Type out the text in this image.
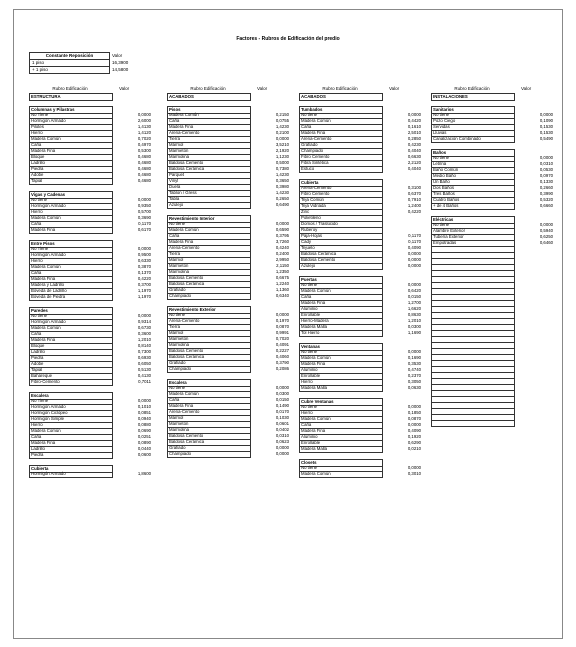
Factores - Rubros de Edificación del predio
Constante Reposición	Valor
1 piso	16,3900
+ 1 piso	14,5800
Rubro Edificación	Valor
ESTRUCTURA
Columnas y Pilastras
No Tiene	0,0000
Hormigón Armado	2,6000
Pilotes	1,4130
Hierro	1,4120
Madera Común	0,7020
Caña	0,4970
Madera Fina	0,5300
Bloque	0,4680
Ladrillo	0,4680
Piedra	0,4680
Adobe	0,4680
Tapial	0,4680
Vigas y Cadenas
No tiene	0,0000
Hormigón Armado	0,9350
Hierro	0,5700
Madera Común	0,3690
Caña	0,1170
Madera Fina	0,6170
Entre Pisos
No Tiene	0,0000
Hormigón Armado	0,9500
Hierro	0,6330
Madera Común	0,3870
Caña	0,1370
Madera Fina	0,4220
Madera y Ladrillo	0,3700
Bóveda de Ladrillo	1,1970
Bóveda de Piedra	1,1970
Paredes
No tiene	0,0000
Hormigón Armado	0,9314
Madera Común	0,6730
Caña	0,3600
Madera Fina	1,2010
Bloque	0,8140
Ladrillo	0,7300
Piedra	0,6930
Adobe	0,6050
Tapial	0,5130
Bahareque	0,4130
Fibro-Cemento	0,7011
Escalera
No Tiene	0,0000
Hormigón Armado	0,1010
Hormigón Ciclópeo	0,0851
Hormigón Simple	0,0940
Hierro	0,0880
Madera Común	0,0690
Caña	0,0251
Madera Fina	0,0890
Ladrillo	0,0440
Piedra	0,0600
Cubierta
Hormigón Armado	1,8600
Rubro Edificación	Valor
ACABADOS
Pisos
Madera Común	0,2150
Caña	0,0755
Madera Fina	1,4230
Arena-Cemento	0,2100
Tierra	0,0000
Mármol	3,5210
Marmetón	2,1920
Marmolina	1,1230
Baldosa Cemento	0,5000
Baldosa Cerámica	0,7380
Parquet	1,4230
Vinyl	0,3650
Duela	0,3980
Tablon / Gress	1,4230
Tabla	0,2650
Azulejo	0,6490
Revestimiento Interior
No tiene	0,0000
Madera Común	0,6590
Caña	0,3795
Madera Fina	3,7260
Arena-Cemento	0,4240
Tierra	0,2400
Mármol	2,9950
Marmetón	2,1150
Marmolina	1,2350
Baldosa Cemento	0,6675
Baldosa Cerámica	1,2240
Grafiado	1,1360
Champiado	0,6340
Revestimiento Exterior
No tiene	0,0000
Arena-Cemento	0,1970
Tierra	0,0870
Mármol	0,9991
Marmetón	0,7020
Marmolina	0,4091
Baldosa Cemento	0,2227
Baldosa Cerámica	0,4060
Grafiado	0,3790
Champiado	0,2086
Escalera
No tiene	0,0000
Madera Común	0,0300
Caña	0,0150
Madera Fina	0,1490
Arena-Cemento	0,0170
Mármol	0,1030
Marmetón	0,0601
Marmolina	0,0402
Baldosa Cemento	0,0310
Baldosa Cerámica	0,0623
Grafiado	0,0000
Champiado	0,0000
Rubro Edificación	Valor
ACABADOS
Tumbados
No tiene	0,0000
Madera Común	0,4420
Caña	0,1610
Madera Fina	2,5010
Arena-Cemento	0,2850
Grafiado	0,4230
Champiado	0,4040
Fibro Cemento	0,6630
Fibra Sintética	2,2120
Estuco	0,4040
Cubierta
Arena-Cemento	0,3100
Fibro Cemento	0,6370
Teja Común	0,7910
Teja Vidriada	1,2400
Zinc	0,4220
Polietileno
Domos / Traslúcido
Ruberoy
Paja-Hojas	0,1170
Cady	0,1170
Tejuelo	0,4090
Baldosa Cerámica	0,0000
Baldosa Cemento	0,0000
Azulejo	0,0000
Puertas
No tiene	0,0000
Madera Común	0,6420
Caña	0,0150
Madera Fina	1,2700
Aluminio	1,6620
Enrollable	0,8630
Hierro-Madera	1,2010
Madera Malla	0,0300
Tol Hierro	1,1690
Ventanas
No tiene	0,0000
Madera Común	0,1690
Madera Fina	0,3530
Aluminio	0,4740
Enrollable	0,2370
Hierro	0,3050
Madera Malla	0,0630
Cubre Ventanas
No tiene	0,0000
Hierro	0,1850
Madera Común	0,0870
Caña	0,0000
Madera Fina	0,4090
Aluminio	0,1920
Enrollable	0,6290
Madera Malla	0,0210
Closets
No tiene	0,0000
Madera Común	0,3010
Rubro Edificación	Valor
INSTALACIONES
Sanitarios
No tiene	0,0000
Pozo Ciego	0,1090
Servidas	0,1530
Lluvias	0,1530
Canalización Combinado	0,5490
Baños
No tiene	0,0000
Letrina	0,0310
Baño Común	0,0530
Medio Baño	0,0970
Un Baño	0,1330
Dos Baños	0,2660
Tres Baños	0,3990
Cuatro Baños	0,5320
+ de 4 Baños	0,6660
Eléctricas
No tiene	0,0000
Alambre Exterior	0,5940
Tubería Exterior	0,6250
Empotradas	0,6460
